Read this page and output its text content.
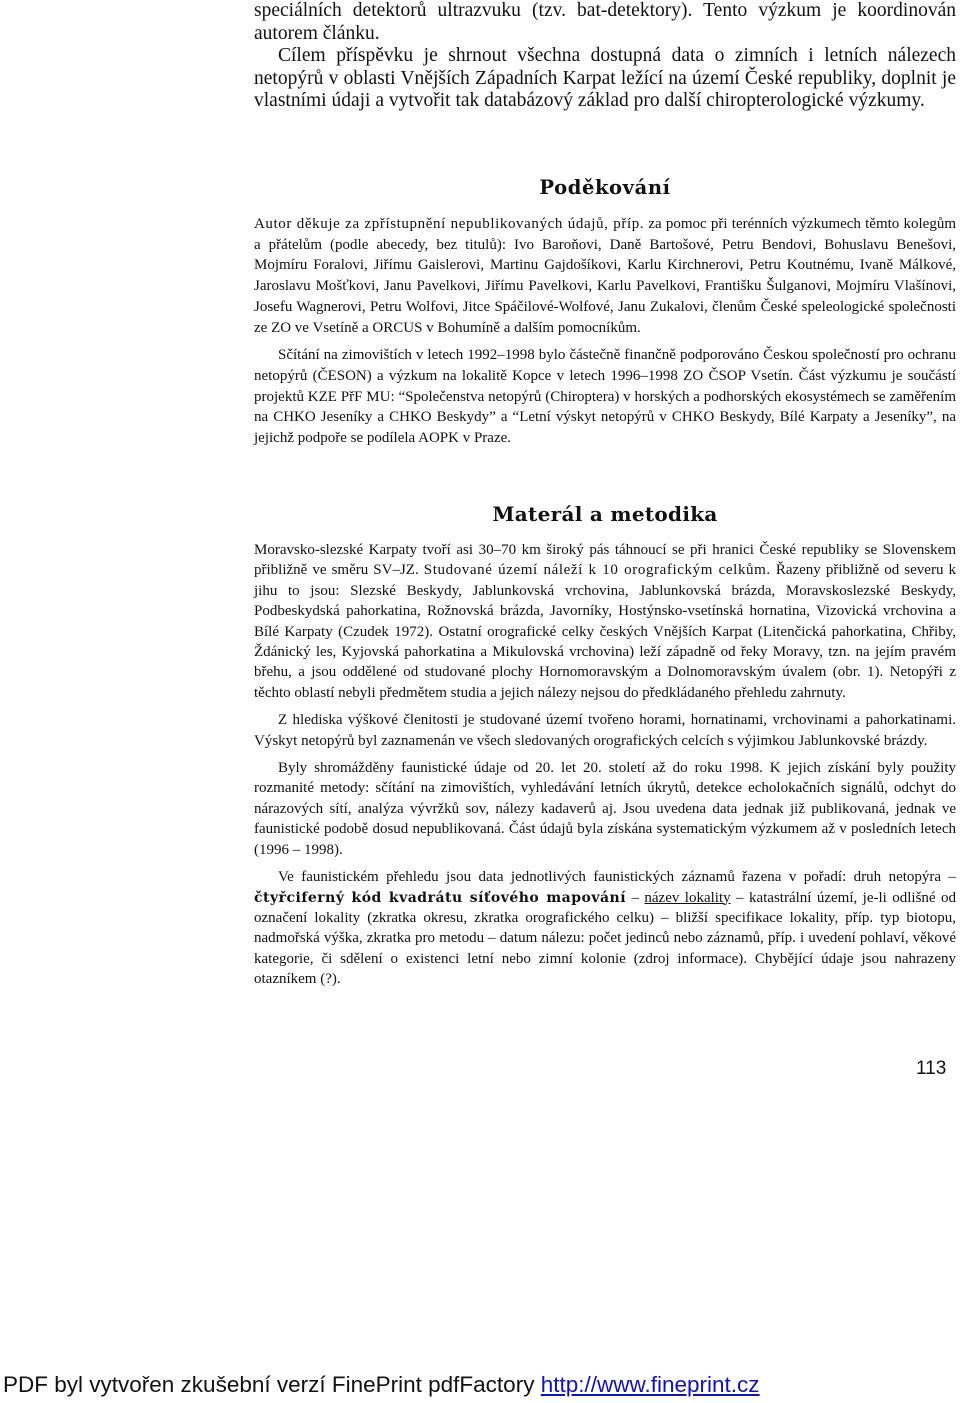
speciálních detektorů ultrazvuku (tzv. bat-detektory). Tento výzkum je koordinován autorem článku.

Cílem příspěvku je shrnout všechna dostupná data o zimních i letních nálezech netopýrů v oblasti Vnějších Západních Karpat ležící na území České republiky, doplnit je vlastními údaji a vytvořit tak databázový základ pro další chiropterologické výzkumy.

Poděkování

Autor děkuje za zpřístupnění nepublikovaných údajů, příp. za pomoc při terénních výzkumech těmto kolegům a přátelům (podle abecedy, bez titulů): Ivo Baroňovi, Daně Bartošové, Petru Bendovi, Bohuslavu Benešovi, Mojmíru Foralovi, Jiřímu Gaislerovi, Martinu Gajdošíkovi, Karlu Kirchnerovi, Petru Koutnému, Ivaně Málkové, Jaroslavu Mošťkovi, Janu Pavelkovi, Jiřímu Pavelkovi, Karlu Pavelkovi, Františku Šulganovi, Mojmíru Vlašínovi, Josefu Wagnerovi, Petru Wolfovi, Jitce Spáčilové-Wolfové, Janu Zukalovi, členům České speleologické společnosti ze ZO ve Vsetíně a ORCUS v Bohumíně a dalším pomocníkům.

Sčítání na zimovištích v letech 1992–1998 bylo částečně finančně podporováno Českou společností pro ochranu netopýrů (ČESON) a výzkum na lokalitě Kopce v letech 1996–1998 ZO ČSOP Vsetín. Část výzkumu je součástí projektů KZE PřF MU: “Společenstva netopýrů (Chiroptera) v horských a podhorských ekosystémech se zaměřením na CHKO Jeseníky a CHKO Beskydy” a “Letní výskyt netopýrů v CHKO Beskydy, Bílé Karpaty a Jeseníky”, na jejichž podpoře se podílela AOPK v Praze.

Materál a metodika

Moravsko-slezské Karpaty tvoří asi 30–70 km široký pás táhnoucí se při hranici České republiky se Slovenskem přibližně ve směru SV–JZ. Studované území náleží k 10 orografickým celkům. Řazeny přibližně od severu k jihu to jsou: Slezské Beskydy, Jablunkovská vrchovina, Jablunkovská brázda, Moravskoslezské Beskydy, Podbeskydská pahorkatina, Rožnovská brázda, Javorníky, Hostýnsko-vsetínská hornatina, Vizovická vrchovina a Bílé Karpaty (Czudek 1972). Ostatní orografické celky českých Vnějších Karpat (Litenčická pahorkatina, Chřiby, Ždánický les, Kyjovská pahorkatina a Mikulovská vrchovina) leží západně od řeky Moravy, tzn. na jejím pravém břehu, a jsou oddělené od studované plochy Hornomoravským a Dolnomoravským úvalem (obr. 1). Netopýři z těchto oblastí nebyli předmětem studia a jejich nálezy nejsou do předkládaného přehledu zahrnuty.

Z hlediska výškové členitosti je studované území tvořeno horami, hornatinami, vrchovinami a pahorkatinami. Výskyt netopýrů byl zaznamenán ve všech sledovaných orografických celcích s výjimkou Jablunkovské brázdy.

Byly shromážděny faunistické údaje od 20. let 20. století až do roku 1998. K jejich získání byly použity rozmanité metody: sčítání na zimovištích, vyhledávání letních úkrytů, detekce echolokačních signálů, odchyt do nárazových sítí, analýza vývržků sov, nálezy kadaverů aj. Jsou uvedena data jednak již publikovaná, jednak ve faunistické podobě dosud nepublikovaná. Část údajů byla získána systematickým výzkumem až v posledních letech (1996 – 1998).

Ve faunistickém přehledu jsou data jednotlivých faunistických záznamů řazena v pořadí: druh netopýra – čtyřciferný kód kvadrátu síťového mapování – název lokality – katastrální území, je-li odlišné od označení lokality (zkratka okresu, zkratka orografického celku) – bližší specifikace lokality, příp. typ biotopu, nadmořská výška, zkratka pro metodu – datum nálezu: počet jedinců nebo záznamů, příp. i uvedení pohlaví, věkové kategorie, či sdělení o existenci letní nebo zimní kolonie (zdroj informace). Chybějící údaje jsou nahrazeny otazníkem (?).

113
PDF byl vytvořen zkušební verzí FinePrint pdfFactory http://www.fineprint.cz
